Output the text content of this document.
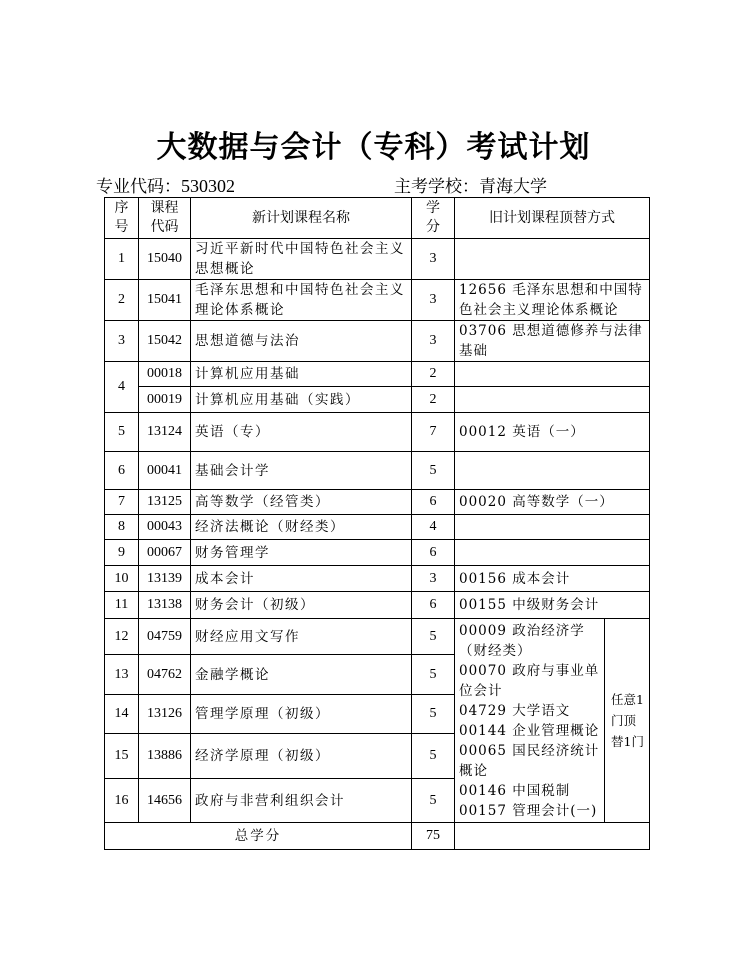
大数据与会计（专科）考试计划
专业代码：530302	主考学校：青海大学
序号	课程代码	新计划课程名称	学分	旧计划课程顶替方式	
1	15040	习近平新时代中国特色社会主义思想概论	3		
2	15041	毛泽东思想和中国特色社会主义理论体系概论	3	12656 毛泽东思想和中国特色社会主义理论体系概论	
3	15042	思想道德与法治	3	03706 思想道德修养与法律基础	
4	00018	计算机应用基础	2		
	00019	计算机应用基础（实践）	2		
5	13124	英语（专）	7	00012 英语（一）	
6	00041	基础会计学	5		
7	13125	高等数学（经管类）	6	00020 高等数学（一）	
8	00043	经济法概论（财经类）	4		
9	00067	财务管理学	6		
10	13139	成本会计	3	00156 成本会计	
11	13138	财务会计（初级）	6	00155 中级财务会计	
12	04759	财经应用文写作	5	00009 政治经济学（财经类）
00070 政府与事业单位会计
04729 大学语文
00144 企业管理概论
00065 国民经济统计概论
00146 中国税制
00157 管理会计(一)
	任意1门顶替1门
13	04762	金融学概论	5		
14	13126	管理学原理（初级）	5		
15	13886	经济学原理（初级）	5		
16	14656	政府与非营利组织会计	5		
总学分			75		
